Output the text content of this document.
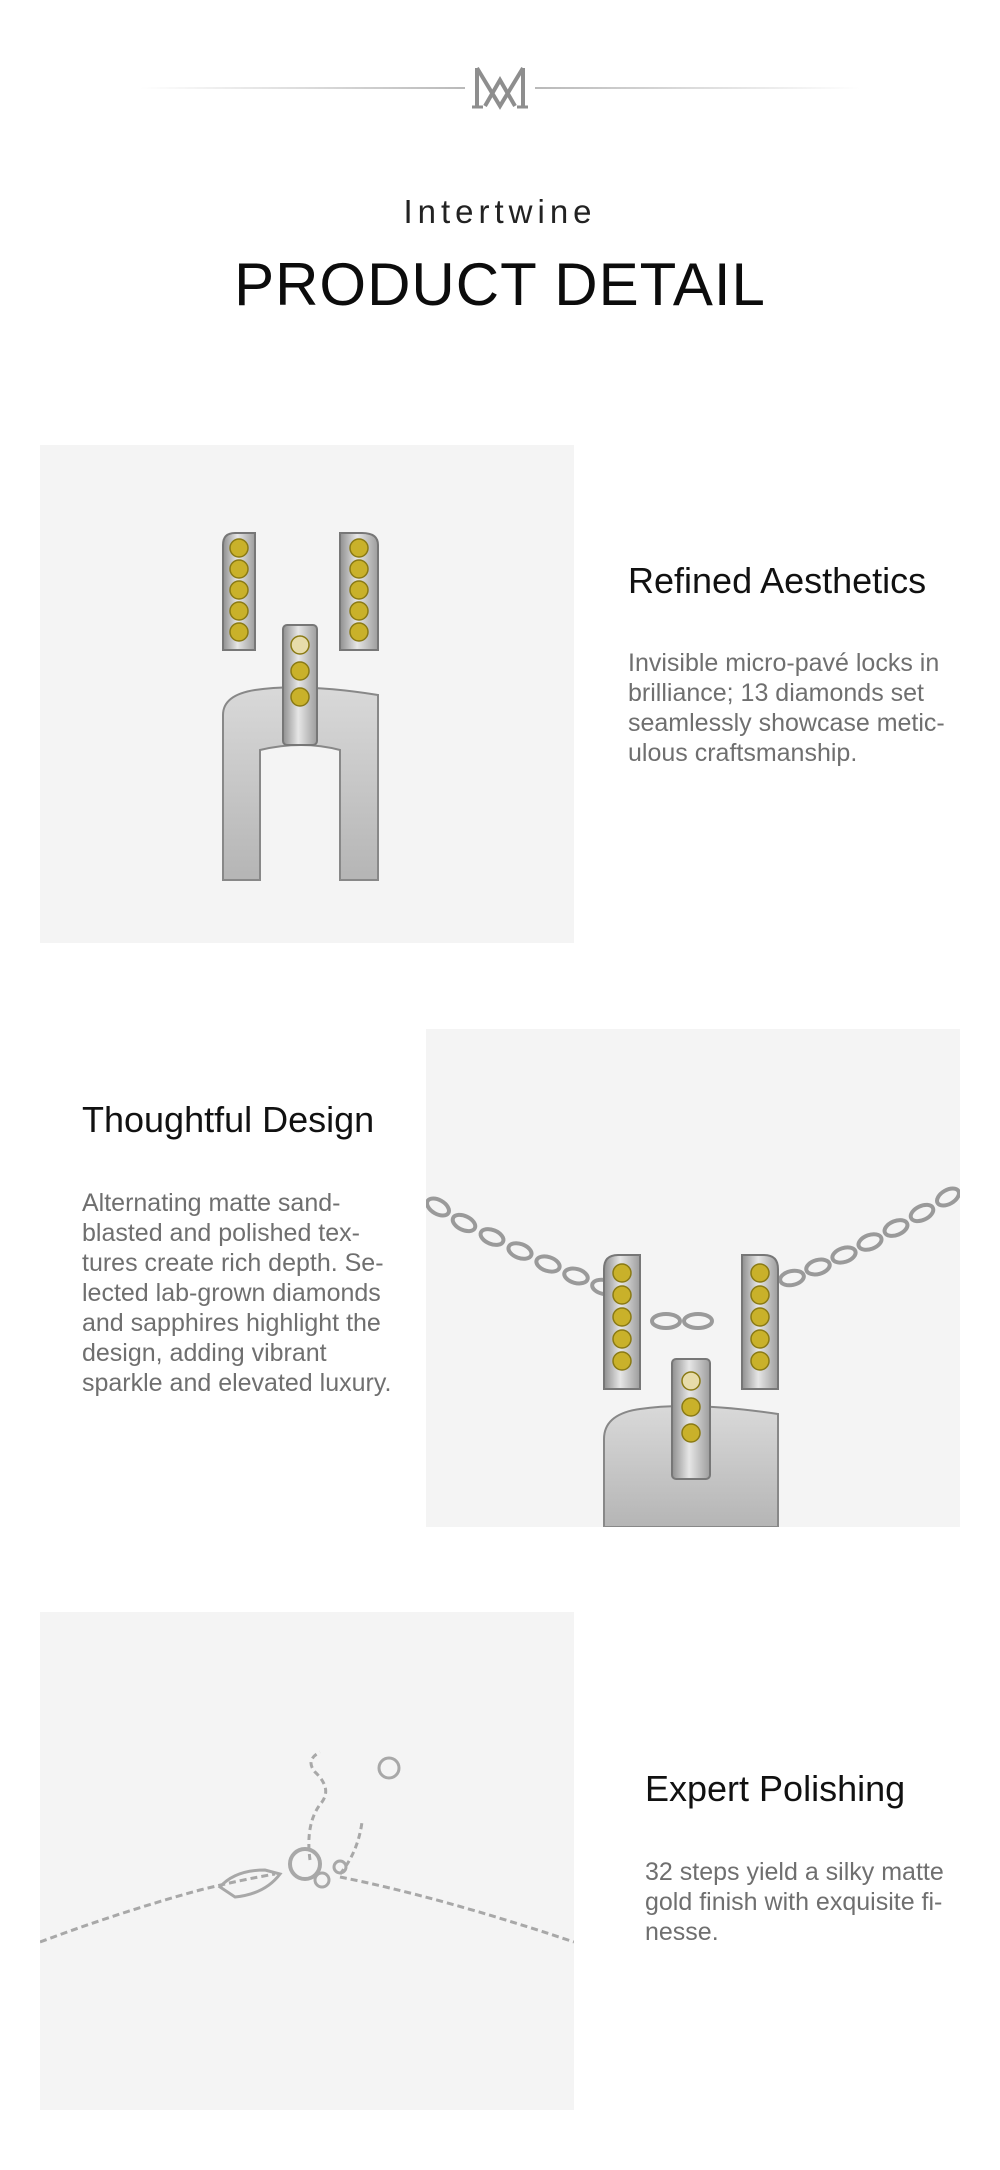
Intertwine
PRODUCT DETAIL
Refined Aesthetics
Invisible micro-pavé locks in
brilliance; 13 diamonds set
seamlessly showcase metic-
ulous craftsmanship.
Thoughtful Design
Alternating matte sand-
blasted and polished tex-
tures create rich depth. Se-
lected lab-grown diamonds
and sapphires highlight the
design, adding vibrant
sparkle and elevated luxury.
Expert Polishing
32 steps yield a silky matte
gold finish with exquisite fi-
nesse.
